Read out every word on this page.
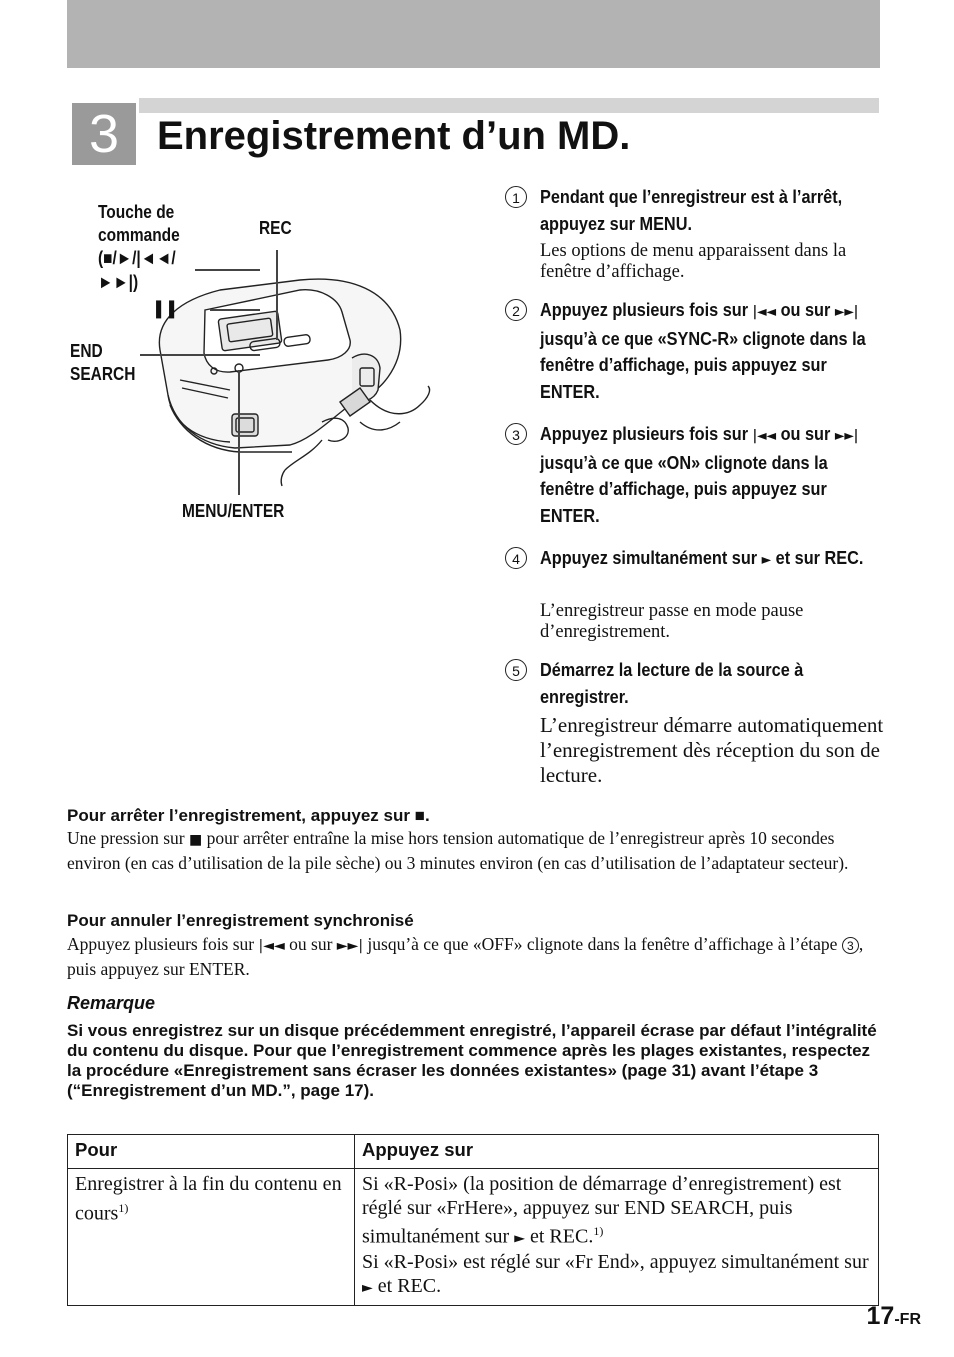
3 Enregistrement d’un MD.
Touche de
commande
(■/►/|◄◄/
►►|)
❚❚
REC
END
SEARCH
MENU/ENTER
1	Pendant que l’enregistreur est à l’arrêt, appuyez sur MENU.
Les options de menu apparaissent dans la fenêtre d’affichage.
2	Appuyez plusieurs fois sur |◄◄ ou sur ►►| jusqu’à ce que «SYNC-R» clignote dans la fenêtre d’affichage, puis appuyez sur ENTER.
3	Appuyez plusieurs fois sur |◄◄ ou sur ►►| jusqu’à ce que «ON» clignote dans la fenêtre d’affichage, puis appuyez sur ENTER.
4	Appuyez simultanément sur ► et sur REC.
L’enregistreur passe en mode pause d’enregistrement.
5	Démarrez la lecture de la source à enregistrer.
L’enregistreur démarre automatiquement l’enregistrement dès réception du son de lecture.
Pour arrêter l’enregistrement, appuyez sur ■.
Une pression sur ■ pour arrêter entraîne la mise hors tension automatique de l’enregistreur après 10 secondes environ (en cas d’utilisation de la pile sèche) ou 3 minutes environ (en cas d’utilisation de l’adaptateur secteur).
Pour annuler l’enregistrement synchronisé
Appuyez plusieurs fois sur |◄◄ ou sur ►►| jusqu’à ce que «OFF» clignote dans la fenêtre d’affichage à l’étape 3 , puis appuyez sur ENTER.
Remarque
Si vous enregistrez sur un disque précédemment enregistré, l’appareil écrase par défaut l’intégralité du contenu du disque. Pour que l’enregistrement commence après les plages existantes, respectez la procédure «Enregistrement sans écraser les données existantes» (page 31) avant l’étape 3 (“Enregistrement d’un MD.”, page 17).
Pour	Appuyez sur
Enregistrer à la fin du contenu en cours$^{1)}$	Si «R-Posi» (la position de démarrage d’enregistrement) est réglé sur «FrHere», appuyez sur END SEARCH, puis simultanément sur ► et REC.$^{1)}$
Si «R-Posi» est réglé sur «Fr End», appuyez simultanément sur ► et REC.
17-FR
